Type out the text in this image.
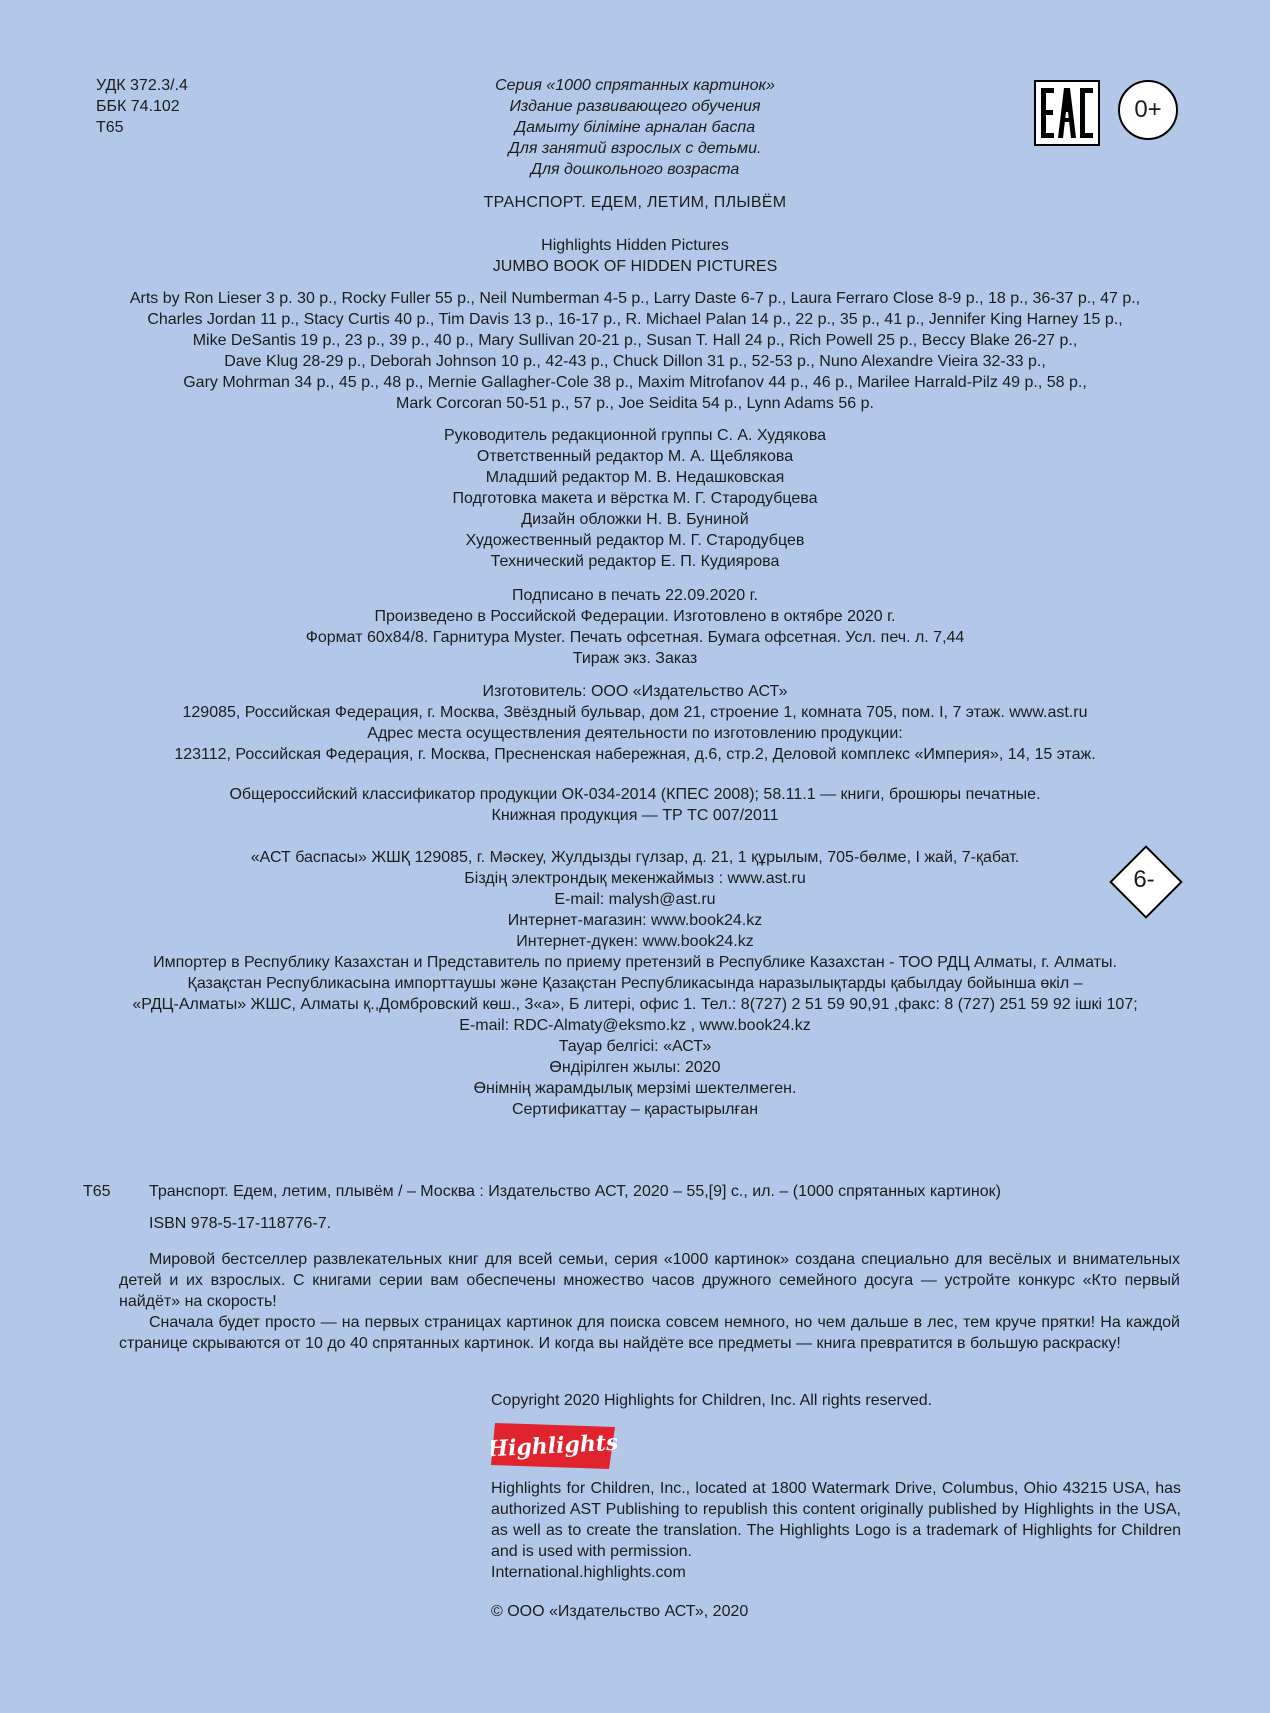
УДК 372.3/.4
ББК 74.102
Т65
Серия «1000 спрятанных картинок»
Издание развивающего обучения
Дамыту біліміне арналан баспа
Для занятий взрослых с детьми.
Для дошкольного возраста
0+
ТРАНСПОРТ. ЕДЕМ, ЛЕТИМ, ПЛЫВЁМ
Highlights Hidden Pictures
JUMBO BOOK OF HIDDEN PICTURES
Arts by Ron Lieser 3 p. 30 p., Rocky Fuller 55 p., Neil Numberman 4-5 p., Larry Daste 6-7 p., Laura Ferraro Close 8-9 p., 18 p., 36-37 p., 47 p.,
Charles Jordan 11 p., Stacy Curtis 40 p., Tim Davis 13 p., 16-17 p., R. Michael Palan 14 p., 22 p., 35 p., 41 p., Jennifer King Harney 15 p.,
Mike DeSantis 19 p., 23 p., 39 p., 40 p., Mary Sullivan 20-21 p., Susan T. Hall 24 p., Rich Powell 25 p., Beccy Blake 26-27 p.,
Dave Klug 28-29 p., Deborah Johnson 10 p., 42-43 p., Chuck Dillon 31 p., 52-53 p., Nuno Alexandre Vieira 32-33 p.,
Gary Mohrman 34 p., 45 p., 48 p., Mernie Gallagher-Cole 38 p., Maxim Mitrofanov 44 p., 46 p., Marilee Harrald-Pilz 49 p., 58 p.,
Mark Corcoran 50-51 p., 57 p., Joe Seidita 54 p., Lynn Adams 56 p.
Руководитель редакционной группы С. А. Худякова
Ответственный редактор М. А. Щеблякова
Младший редактор М. В. Недашковская
Подготовка макета и вёрстка М. Г. Стародубцева
Дизайн обложки Н. В. Буниной
Художественный редактор М. Г. Стародубцев
Технический редактор Е. П. Кудиярова
Подписано в печать 22.09.2020 г.
Произведено в Российской Федерации. Изготовлено в октябре 2020 г.
Формат 60x84/8. Гарнитура Myster. Печать офсетная. Бумага офсетная. Усл. печ. л. 7,44
Тираж экз. Заказ
Изготовитель: ООО «Издательство АСТ»
129085, Российская Федерация, г. Москва, Звёздный бульвар, дом 21, строение 1, комната 705, пом. I, 7 этаж. www.ast.ru
Адрес места осуществления деятельности по изготовлению продукции:
123112, Российская Федерация, г. Москва, Пресненская набережная, д.6, стр.2, Деловой комплекс «Империя», 14, 15 этаж.
Общероссийский классификатор продукции ОК-034-2014 (КПЕС 2008); 58.11.1 — книги, брошюры печатные.
Книжная продукция — ТР ТС 007/2011
«АСТ баспасы» ЖШҚ 129085, г. Мәскеу, Жулдызды гүлзар, д. 21, 1 құрылым, 705-бөлме, I жай, 7-қабат.
Біздің электрондық мекенжаймыз : www.ast.ru
E-mail: malysh@ast.ru
Интернет-магазин: www.book24.kz
Интернет-дүкен: www.book24.kz
Импортер в Республику Казахстан и Представитель по приему претензий в Республике Казахстан - ТОО РДЦ Алматы, г. Алматы.
Қазақстан Республикасына импорттаушы және Қазақстан Республикасында наразылықтарды қабылдау бойынша өкіл –
«РДЦ-Алматы» ЖШС, Алматы қ.,Домбровский көш., 3«а», Б литерi, офис 1. Тел.: 8(727) 2 51 59 90,91 ,факс: 8 (727) 251 59 92 ішкі 107;
E-mail: RDC-Almaty@eksmo.kz , www.book24.kz
Тауар белгісі: «АСТ»
Өндірілген жылы: 2020
Өнімнің жарамдылық мерзімі шектелмеген.
Сертификаттау – қарастырылған
6-
Т65 Транспорт. Едем, летим, плывём / – Москва : Издательство АСТ, 2020 – 55,[9] с., ил. – (1000 спрятанных картинок)
ISBN 978-5-17-118776-7.

Мировой бестселлер развлекательных книг для всей семьи, серия «1000 картинок» создана специально для весёлых и внимательных детей и их взрослых. С книгами серии вам обеспечены множество часов дружного семейного досуга — устройте конкурс «Кто первый найдёт» на скорость!

Сначала будет просто — на первых страницах картинок для поиска совсем немного, но чем дальше в лес, тем круче прятки! На каждой странице скрываются от 10 до 40 спрятанных картинок. И когда вы найдёте все предметы — книга превратится в большую раскраску!

Copyright 2020 Highlights for Children, Inc. All rights reserved.
Highlights
Highlights for Children, Inc., located at 1800 Watermark Drive, Columbus, Ohio 43215 USA, has authorized AST Publishing to republish this content originally published by Highlights in the USA, as well as to create the translation. The Highlights Logo is a trademark of Highlights for Children and is used with permission.
International.highlights.com
© ООО «Издательство АСТ», 2020
